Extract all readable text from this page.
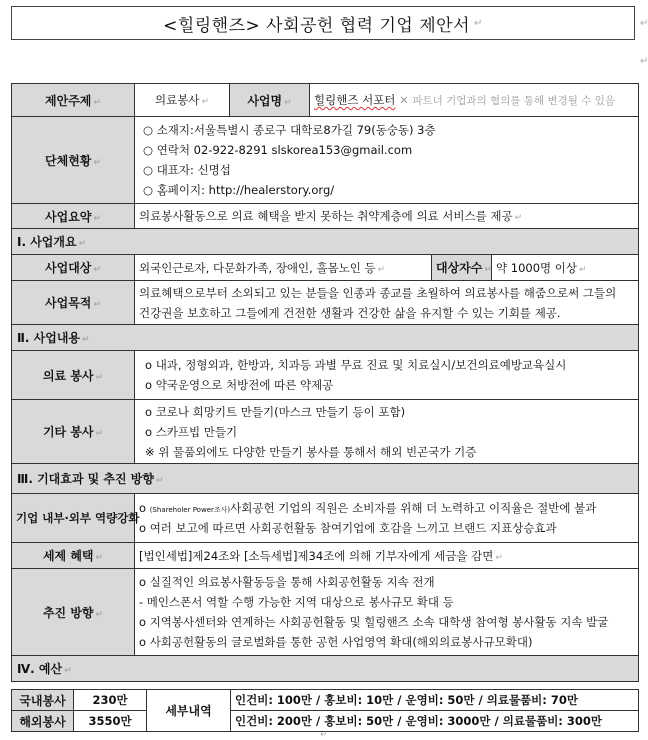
<힐링핸즈> 사회공헌 협력 기업 제안서 ↵	↵
↵
제안주제 ↵	의료봉사 ↵	사업명 ↵	힐링핸즈 서포터 ✕ 파트너 기업과의 협의를 통해 변경될 수 있음		
단체현황 ↵	○ 소재지:서울특별시 종로구 대학로8가길 79(동숭동) 3층
○ 연락처 02-922-8291 slskorea153@gmail.com
○ 대표자: 신명섭
○ 홈페이지: http://healerstory.org/				

사업요약 ↵	의료봉사활동으로 의료 혜택을 받지 못하는 취약계층에 의료 서비스를 제공 ↵				
Ⅰ. 사업개요 ↵					
사업대상 ↵	외국인근로자, 다문화가족, 장애인, 홀몸노인 등 ↵			대상자수 ↵	약 1000명 이상 ↵
사업목적 ↵	의료혜택으로부터 소외되고 있는 분들을 인종과 종교를 초월하여 의료봉사를 해줌으로써 그들의
건강권을 보호하고 그들에게 건전한 생활과 건강한 삶을 유지할 수 있는 기회를 제공.				

Ⅱ. 사업내용 ↵					
의료 봉사 ↵	o 내과, 정형외과, 한방과, 치과등 과별 무료 진료 및 치료실시/보건의료예방교육실시
o 약국운영으로 처방전에 따른 약제공				

기타 봉사 ↵	o 코로나 희망키트 만들기(마스크 만들기 등이 포함)
o 스카프빕 만들기
※ 위 물품외에도 다양한 만들기 봉사를 통해서 해외 빈곤국가 기증				

Ⅲ. 기대효과 및 추진 방향 ↵					
기업 내부·외부 역량강화	o (Shareholer Power조사)사회공헌 기업의 직원은 소비자를 위해 더 노력하고 이직율은 절반에 불과
o 여러 보고에 따르면 사회공헌활동 참여기업에 호감을 느끼고 브랜드 지표상승효과				

세제 혜택 ↵	[법인세법]제24조와 [소득세법]제34조에 의해 기부자에게 세금을 감면 ↵				
추진 방향 ↵	o 실질적인 의료봉사활동등을 통해 사회공헌활동 지속 전개
- 메인스폰서 역할 수행 가능한 지역 대상으로 봉사규모 확대 등
o 지역봉사센터와 연계하는 사회공헌활동 및 힐링핸즈 소속 대학생 참여형 봉사활동 지속 발굴
o 사회공헌활동의 글로벌화를 통한 공헌 사업영역 확대(해외의료봉사규모확대)				

Ⅳ. 예산 ↵					
국내봉사	230만	세부내역	인건비: 100만 / 홍보비: 10만 / 운영비: 50만 / 의료물품비: 70만
해외봉사	3550만		인건비: 200만 / 홍보비: 50만 / 운영비: 3000만 / 의료물품비: 300만
↵
